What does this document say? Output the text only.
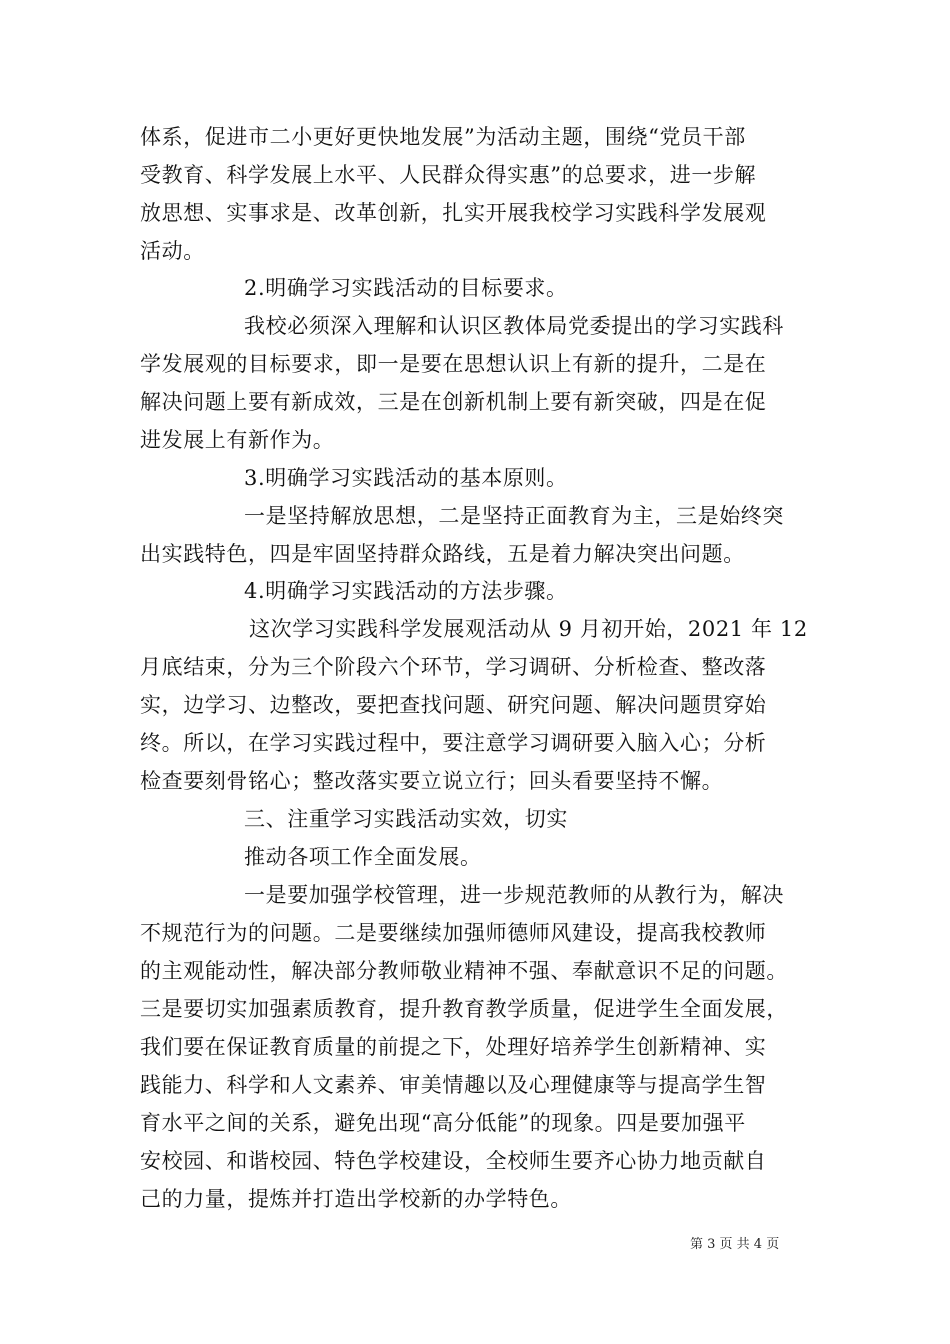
体系，促进市二小更好更快地发展”为活动主题，围绕“党员干部
受教育、科学发展上水平、人民群众得实惠”的总要求，进一步解
放思想、实事求是、改革创新，扎实开展我校学习实践科学发展观
活动。
2.明确学习实践活动的目标要求。
我校必须深入理解和认识区教体局党委提出的学习实践科
学发展观的目标要求，即一是要在思想认识上有新的提升，二是在
解决问题上要有新成效，三是在创新机制上要有新突破，四是在促
进发展上有新作为。
3.明确学习实践活动的基本原则。
一是坚持解放思想，二是坚持正面教育为主，三是始终突
出实践特色，四是牢固坚持群众路线，五是着力解决突出问题。
4.明确学习实践活动的方法步骤。
这次学习实践科学发展观活动从 9 月初开始，2021 年 12
月底结束，分为三个阶段六个环节，学习调研、分析检查、整改落
实，边学习、边整改，要把查找问题、研究问题、解决问题贯穿始
终。所以，在学习实践过程中，要注意学习调研要入脑入心；分析
检查要刻骨铭心；整改落实要立说立行；回头看要坚持不懈。
三、注重学习实践活动实效，切实
推动各项工作全面发展。
一是要加强学校管理，进一步规范教师的从教行为，解决
不规范行为的问题。二是要继续加强师德师风建设，提高我校教师
的主观能动性，解决部分教师敬业精神不强、奉献意识不足的问题。
三是要切实加强素质教育，提升教育教学质量，促进学生全面发展，
我们要在保证教育质量的前提之下，处理好培养学生创新精神、实
践能力、科学和人文素养、审美情趣以及心理健康等与提高学生智
育水平之间的关系，避免出现“高分低能”的现象。四是要加强平
安校园、和谐校园、特色学校建设，全校师生要齐心协力地贡献自
己的力量，提炼并打造出学校新的办学特色。
第 3 页 共 4 页
